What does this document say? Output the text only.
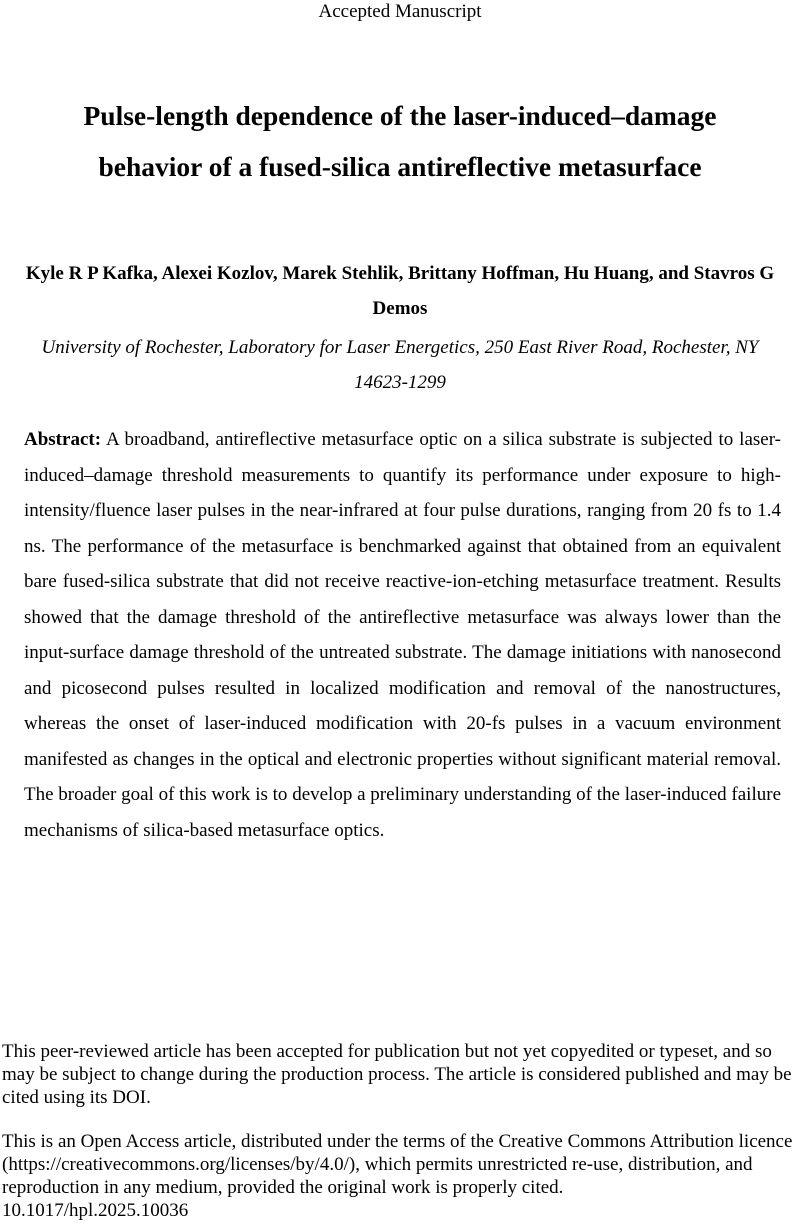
Accepted Manuscript
Pulse-length dependence of the laser-induced–damage behavior of a fused-silica antireflective metasurface

Kyle R P Kafka, Alexei Kozlov, Marek Stehlik, Brittany Hoffman, Hu Huang, and Stavros G Demos

University of Rochester, Laboratory for Laser Energetics, 250 East River Road, Rochester, NY 14623-1299

Abstract: A broadband, antireflective metasurface optic on a silica substrate is subjected to laser-induced–damage threshold measurements to quantify its performance under exposure to high-intensity/fluence laser pulses in the near-infrared at four pulse durations, ranging from 20 fs to 1.4 ns. The performance of the metasurface is benchmarked against that obtained from an equivalent bare fused-silica substrate that did not receive reactive-ion-etching metasurface treatment. Results showed that the damage threshold of the antireflective metasurface was always lower than the input-surface damage threshold of the untreated substrate. The damage initiations with nanosecond and picosecond pulses resulted in localized modification and removal of the nanostructures, whereas the onset of laser-induced modification with 20-fs pulses in a vacuum environment manifested as changes in the optical and electronic properties without significant material removal. The broader goal of this work is to develop a preliminary understanding of the laser-induced failure mechanisms of silica-based metasurface optics.

This peer-reviewed article has been accepted for publication but not yet copyedited or typeset, and so may be subject to change during the production process. The article is considered published and may be cited using its DOI.

This is an Open Access article, distributed under the terms of the Creative Commons Attribution licence (https://creativecommons.org/licenses/by/4.0/), which permits unrestricted re-use, distribution, and reproduction in any medium, provided the original work is properly cited.

10.1017/hpl.2025.10036
